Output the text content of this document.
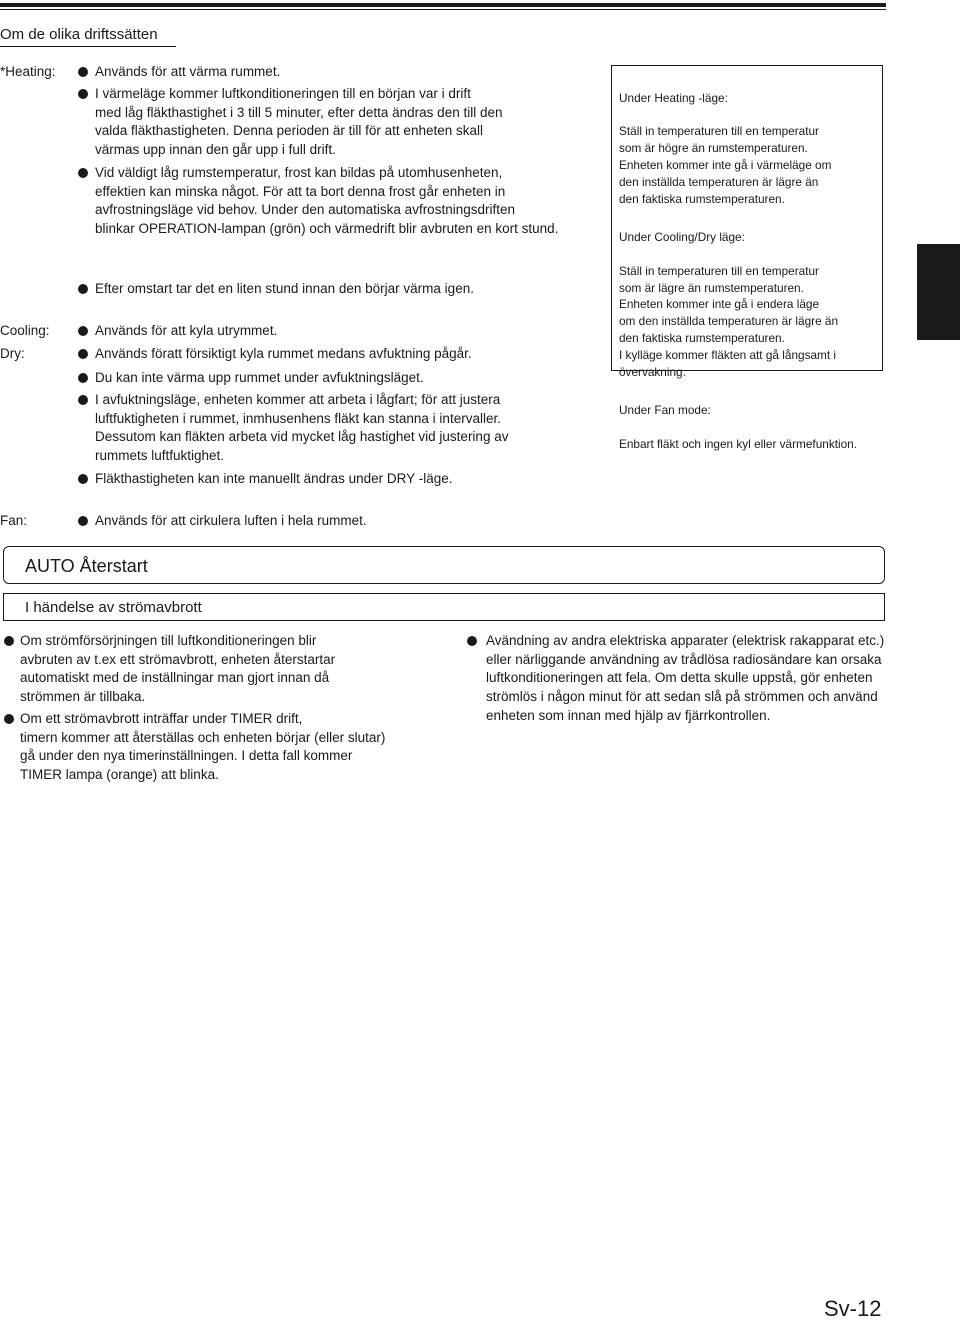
Om de olika driftssätten
*Heating:	Används för att värma rummet.
I värmeläge kommer luftkonditioneringen till en början var i drift
med låg fläkthastighet i 3 till 5 minuter, efter detta ändras den till den
valda fläkthastigheten. Denna perioden är till för att enheten skall
värmas upp innan den går upp i full drift.
Vid väldigt låg rumstemperatur, frost kan bildas på utomhusenheten,
effektien kan minska något. För att ta bort denna frost går enheten in
avfrostningsläge vid behov. Under den automatiska avfrostningsdriften
blinkar OPERATION-lampan (grön) och värmedrift blir avbruten en kort stund.
Efter omstart tar det en liten stund innan den börjar värma igen.
Cooling:	Används för att kyla utrymmet.
Dry:	Används föratt försiktigt kyla rummet medans avfuktning pågår.
Du kan inte värma upp rummet under avfuktningsläget.
I avfuktningsläge, enheten kommer att arbeta i lågfart; för att justera
luftfuktigheten i rummet, inmhusenhens fläkt kan stanna i intervaller.
Dessutom kan fläkten arbeta vid mycket låg hastighet vid justering av
rummets luftfuktighet.
Fläkthastigheten kan inte manuellt ändras under DRY -läge.
Fan:	Används för att cirkulera luften i hela rummet.

Under Heating -läge:

Ställ in temperaturen till en temperatur
som är högre än rumstemperaturen.
Enheten kommer inte gå i värmeläge om
den inställda temperaturen är lägre än
den faktiska rumstemperaturen.

Under Cooling/Dry läge:

Ställ in temperaturen till en temperatur
som är lägre än rumstemperaturen.
Enheten kommer inte gå i endera läge
om den inställda temperaturen är lägre än
den faktiska rumstemperaturen.
I kylläge kommer fläkten att gå långsamt i
övervakning.

Under Fan mode:

Enbart fläkt och ingen kyl eller värmefunktion.

AUTO Återstart
I händelse av strömavbrott
Om strömförsörjningen till luftkonditioneringen blir
avbruten av t.ex ett strömavbrott, enheten återstartar
automatiskt med de inställningar man gjort innan då
strömmen är tillbaka.
Om ett strömavbrott inträffar under TIMER drift,
timern kommer att återställas och enheten börjar (eller slutar)
gå under den nya timerinställningen. I detta fall kommer
TIMER lampa (orange) att blinka.
Avändning av andra elektriska apparater (elektrisk rakapparat etc.)
eller närliggande användning av trådlösa radiosändare kan orsaka
luftkonditioneringen att fela. Om detta skulle uppstå, gör enheten
strömlös i någon minut för att sedan slå på strömmen och använd
enheten som innan med hjälp av fjärrkontrollen.
Sv-12
